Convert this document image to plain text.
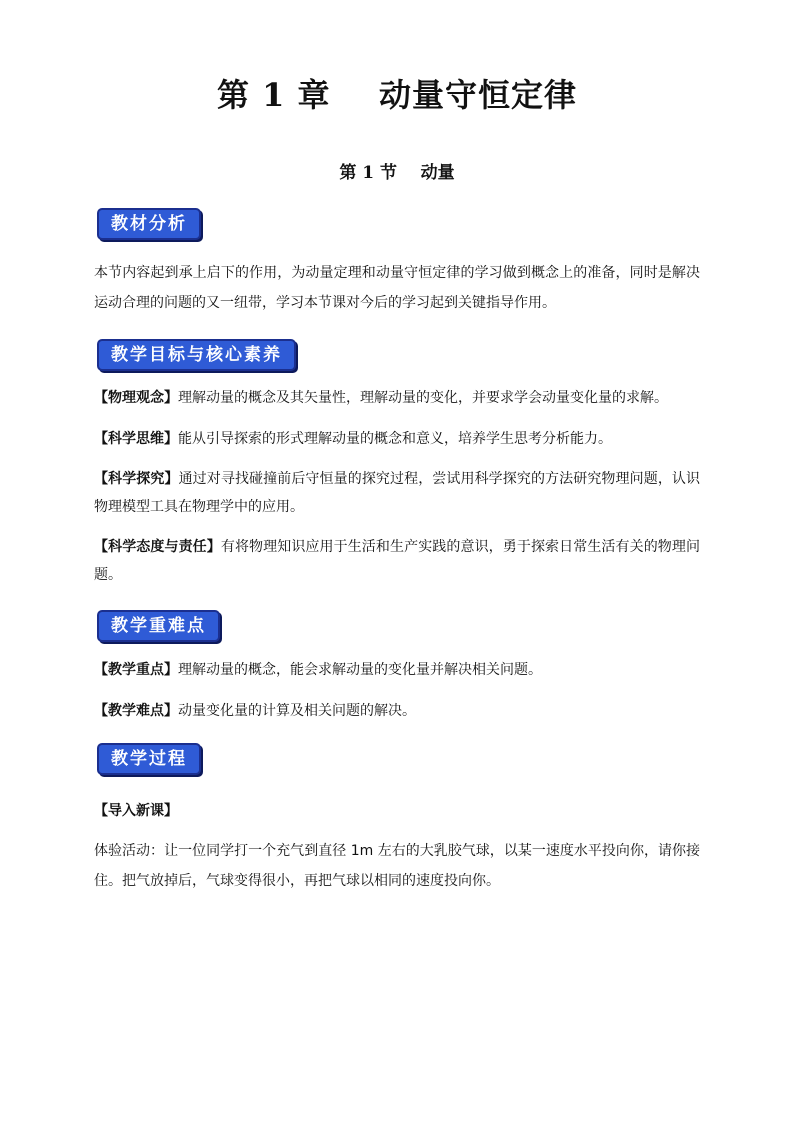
第 1 章    动量守恒定律
第 1 节    动量
教材分析

本节内容起到承上启下的作用，为动量定理和动量守恒定律的学习做到概念上的准备，同时是解决运动合理的问题的又一纽带，学习本节课对今后的学习起到关键指导作用。

教学目标与核心素养

【物理观念】理解动量的概念及其矢量性，理解动量的变化，并要求学会动量变化量的求解。

【科学思维】能从引导探索的形式理解动量的概念和意义，培养学生思考分析能力。

【科学探究】通过对寻找碰撞前后守恒量的探究过程，尝试用科学探究的方法研究物理问题，认识物理模型工具在物理学中的应用。

【科学态度与责任】有将物理知识应用于生活和生产实践的意识，勇于探索日常生活有关的物理问题。

教学重难点

【教学重点】理解动量的概念，能会求解动量的变化量并解决相关问题。

【教学难点】动量变化量的计算及相关问题的解决。

教学过程
【导入新课】

体验活动：让一位同学打一个充气到直径 1m 左右的大乳胶气球，以某一速度水平投向你，请你接住。把气放掉后，气球变得很小，再把气球以相同的速度投向你。
